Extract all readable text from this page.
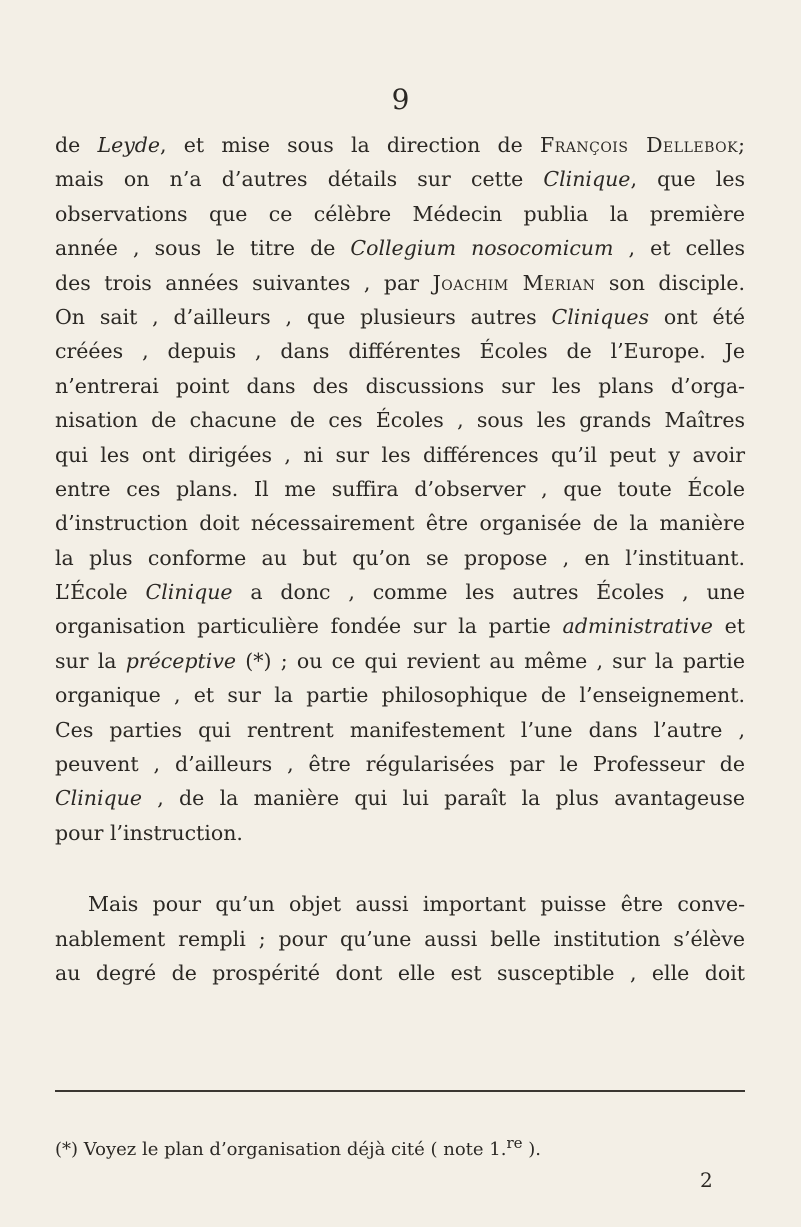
9
de Leyde, et mise sous la direction de François Dellebok;
mais on n’a d’autres détails sur cette Clinique, que les
observations que ce célèbre Médecin publia la première
année , sous le titre de Collegium nosocomicum , et celles
des trois années suivantes , par Joachim Merian son disciple.
On sait , d’ailleurs , que plusieurs autres Cliniques ont été
créées , depuis , dans différentes Écoles de l’Europe. Je
n’entrerai point dans des discussions sur les plans d’orga-
nisation de chacune de ces Écoles , sous les grands Maîtres
qui les ont dirigées , ni sur les différences qu’il peut y avoir
entre ces plans. Il me suffira d’observer , que toute École
d’instruction doit nécessairement être organisée de la manière
la plus conforme au but qu’on se propose , en l’instituant.
L’École Clinique a donc , comme les autres Écoles , une
organisation particulière fondée sur la partie administrative et
sur la préceptive (*) ; ou ce qui revient au même , sur la partie
organique , et sur la partie philosophique de l’enseignement.
Ces parties qui rentrent manifestement l’une dans l’autre ,
peuvent , d’ailleurs , être régularisées par le Professeur de
Clinique , de la manière qui lui paraît la plus avantageuse
pour l’instruction.
Mais pour qu’un objet aussi important puisse être conve-
nablement rempli ; pour qu’une aussi belle institution s’élève
au degré de prospérité dont elle est susceptible , elle doit
(*) Voyez le plan d’organisation déjà cité ( note 1.$^{re}$ ).
2
